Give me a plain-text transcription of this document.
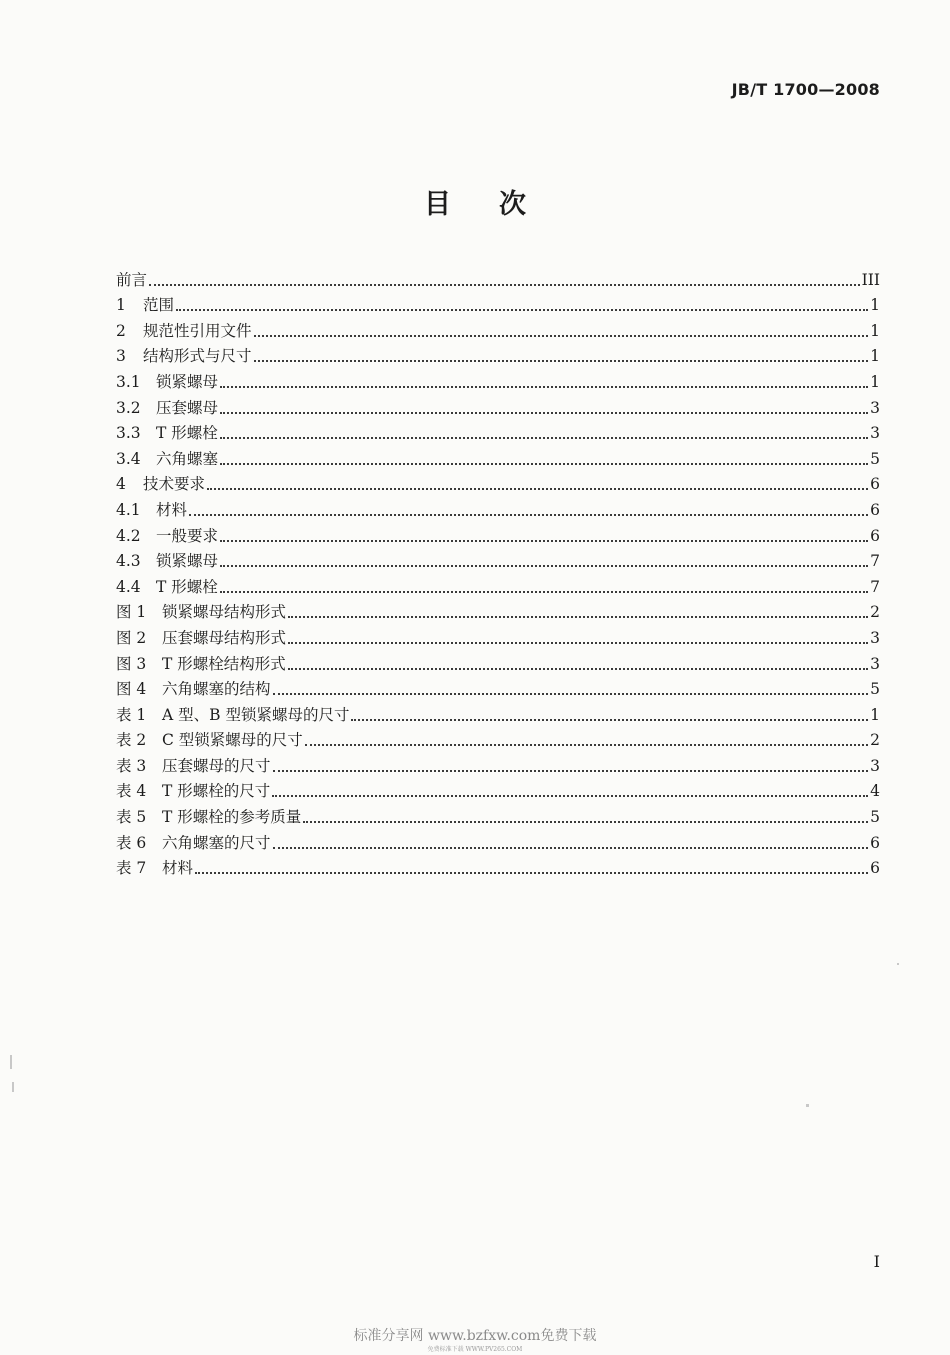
JB/T 1700—2008
目次
前言	III
1	范围	1
2	规范性引用文件	1
3	结构形式与尺寸	1
3.1 锁紧螺母	1
3.2 压套螺母	3
3.3 T 形螺栓	3
3.4 六角螺塞	5
4	技术要求	6
4.1 材料	6
4.2 一般要求	6
4.3 锁紧螺母	7
4.4 T 形螺栓	7
图 1	锁紧螺母结构形式	2
图 2	压套螺母结构形式	3
图 3	T 形螺栓结构形式	3
图 4	六角螺塞的结构	5
表 1	A 型、B 型锁紧螺母的尺寸	1
表 2	C 型锁紧螺母的尺寸	2
表 3	压套螺母的尺寸	3
表 4	T 形螺栓的尺寸	4
表 5	T 形螺栓的参考质量	5
表 6	六角螺塞的尺寸	6
表 7	材料	6
I
标准分享网 www.bzfxw.com免费下载
免费标准下载 WWW.PV265.COM
